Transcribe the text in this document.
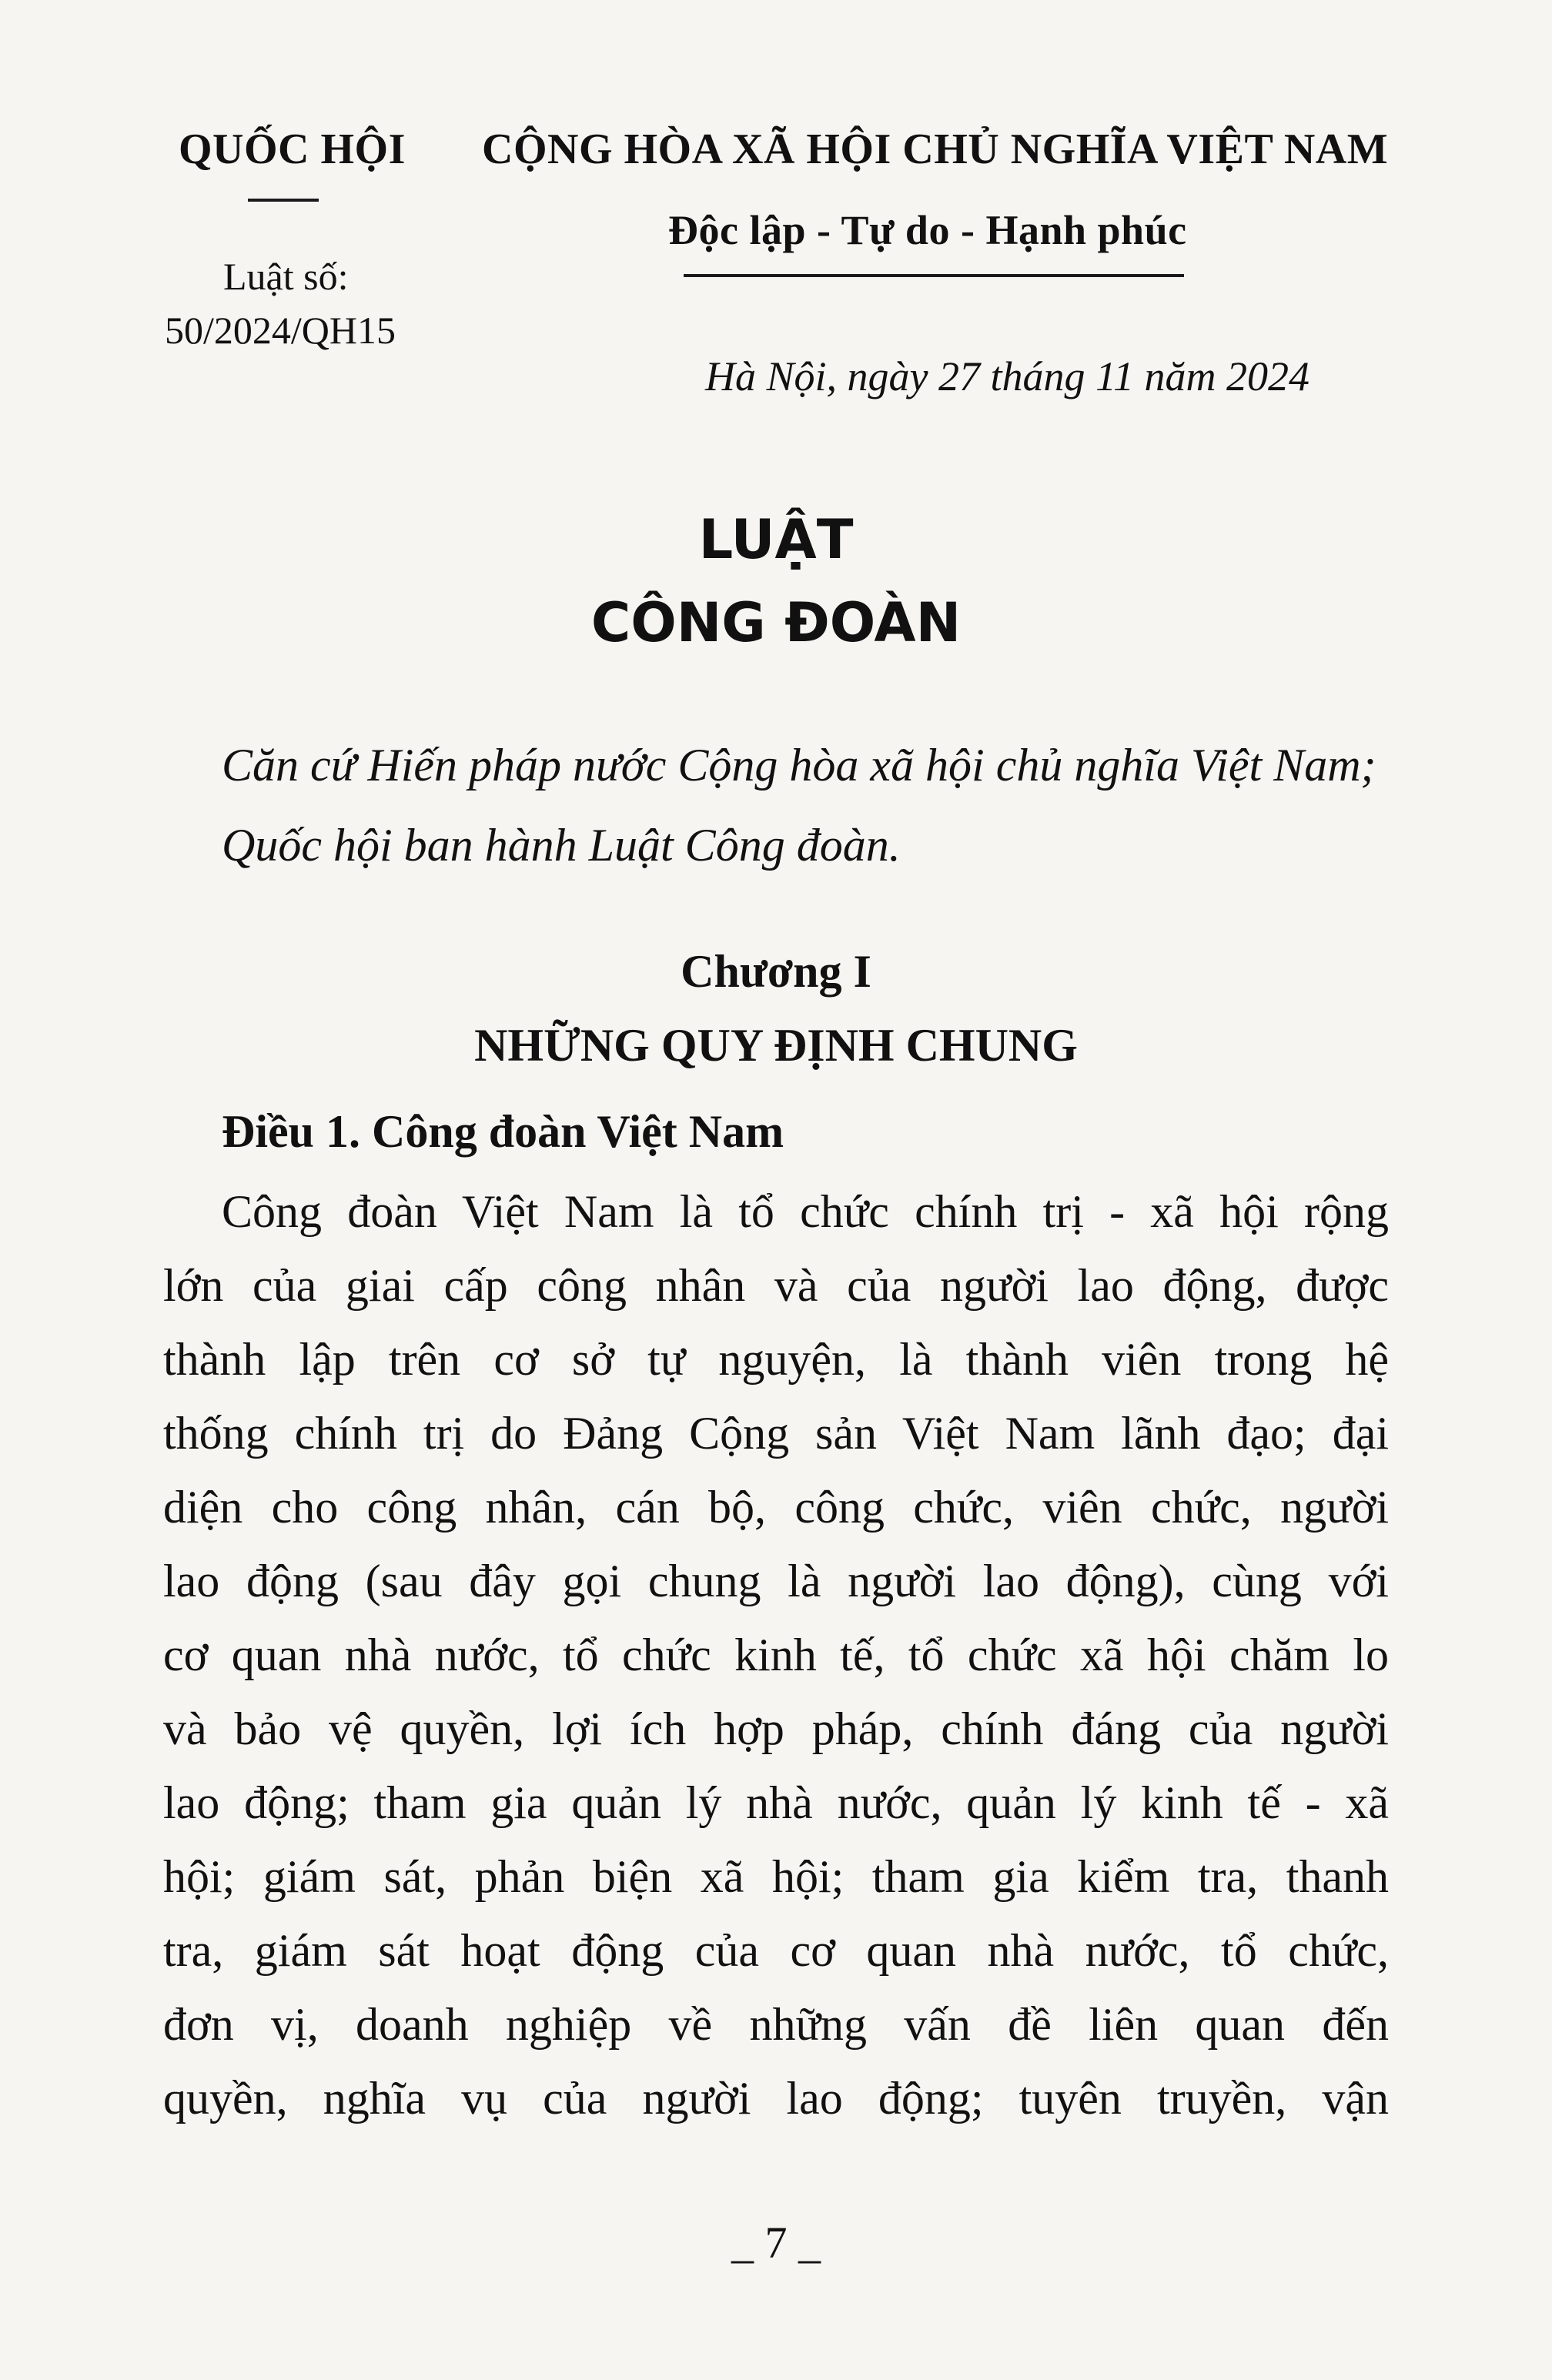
QUỐC HỘI
Luật số:
50/2024/QH15
CỘNG HÒA XÃ HỘI CHỦ NGHĨA VIỆT NAM
Độc lập - Tự do - Hạnh phúc
Hà Nội, ngày 27 tháng 11 năm 2024
LUẬT
CÔNG ĐOÀN
Căn cứ Hiến pháp nước Cộng hòa xã hội chủ nghĩa Việt Nam;
Quốc hội ban hành Luật Công đoàn.
Chương I
NHỮNG QUY ĐỊNH CHUNG
Điều 1. Công đoàn Việt Nam
Công đoàn Việt Nam là tổ chức chính trị - xã hội rộng
lớn của giai cấp công nhân và của người lao động, được
thành lập trên cơ sở tự nguyện, là thành viên trong hệ
thống chính trị do Đảng Cộng sản Việt Nam lãnh đạo; đại
diện cho công nhân, cán bộ, công chức, viên chức, người
lao động (sau đây gọi chung là người lao động), cùng với
cơ quan nhà nước, tổ chức kinh tế, tổ chức xã hội chăm lo
và bảo vệ quyền, lợi ích hợp pháp, chính đáng của người
lao động; tham gia quản lý nhà nước, quản lý kinh tế - xã
hội; giám sát, phản biện xã hội; tham gia kiểm tra, thanh
tra, giám sát hoạt động của cơ quan nhà nước, tổ chức,
đơn vị, doanh nghiệp về những vấn đề liên quan đến
quyền, nghĩa vụ của người lao động; tuyên truyền, vận
_ 7 _
